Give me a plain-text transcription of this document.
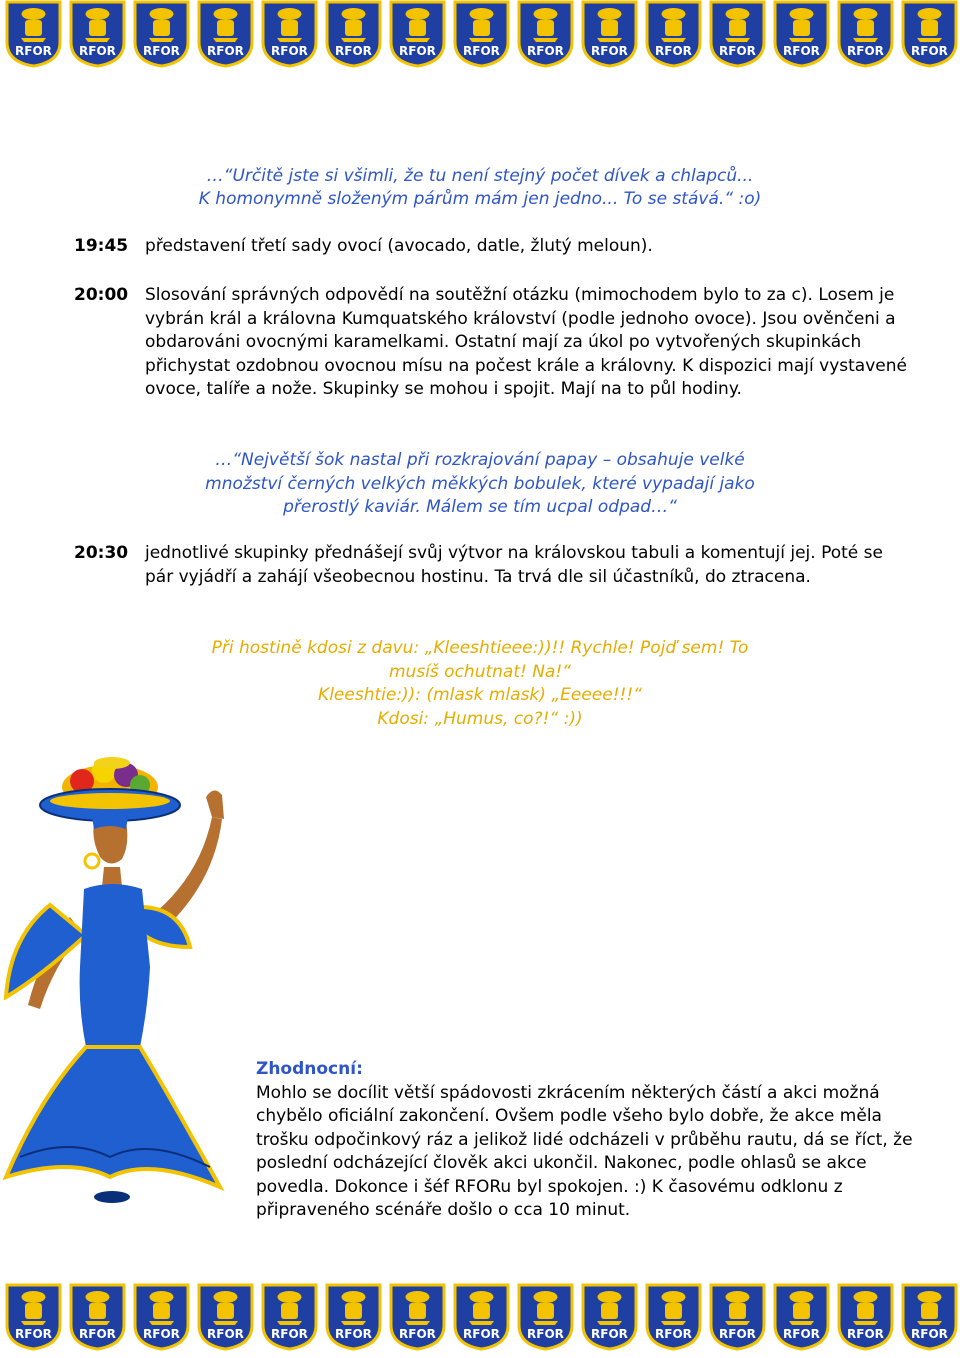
RFOR	RFOR	RFOR	RFOR	RFOR	RFOR	RFOR	RFOR	RFOR	RFOR	RFOR	RFOR	RFOR	RFOR	RFOR
…“Určitě jste si všimli, že tu není stejný počet dívek a chlapců...
K homonymně složeným párům mám jen jedno... To se stává.“ :o)
19:45 představení třetí sady ovocí (avocado, datle, žlutý meloun).
20:00 Slosování správných odpovědí na soutěžní otázku (mimochodem bylo to za c). Losem je vybrán král a královna Kumquatského království (podle jednoho ovoce). Jsou ověnčeni a obdarováni ovocnými karamelkami. Ostatní mají za úkol po vytvořených skupinkách přichystat ozdobnou ovocnou mísu na počest krále a královny. K dispozici mají vystavené ovoce, talíře a nože. Skupinky se mohou i spojit. Mají na to půl hodiny.
…“Největší šok nastal při rozkrajování papay – obsahuje velké
množství černých velkých měkkých bobulek, které vypadají jako
přerostlý kaviár. Málem se tím ucpal odpad…“
20:30 jednotlivé skupinky přednášejí svůj výtvor na královskou tabuli a komentují jej. Poté se pár vyjádří a zahájí všeobecnou hostinu. Ta trvá dle sil účastníků, do ztracena.
Při hostině kdosi z davu: „Kleeshtieee:))!! Rychle! Pojď sem! To
musíš ochutnat! Na!“
Kleeshtie:)): (mlask mlask) „Eeeee!!!“
Kdosi: „Humus, co?!“ :))
Zhodnocní:
Mohlo se docílit větší spádovosti zkrácením některých částí a akci možná chybělo oficiální zakončení. Ovšem podle všeho bylo dobře, že akce měla trošku odpočinkový ráz a jelikož lidé odcházeli v průběhu rautu, dá se říct, že poslední odcházející člověk akci ukončil. Nakonec, podle ohlasů se akce povedla. Dokonce i šéf RFORu byl spokojen. :) K časovému odklonu z připraveného scénáře došlo o cca 10 minut.
RFOR	RFOR	RFOR	RFOR	RFOR	RFOR	RFOR	RFOR	RFOR	RFOR	RFOR	RFOR	RFOR	RFOR	RFOR
